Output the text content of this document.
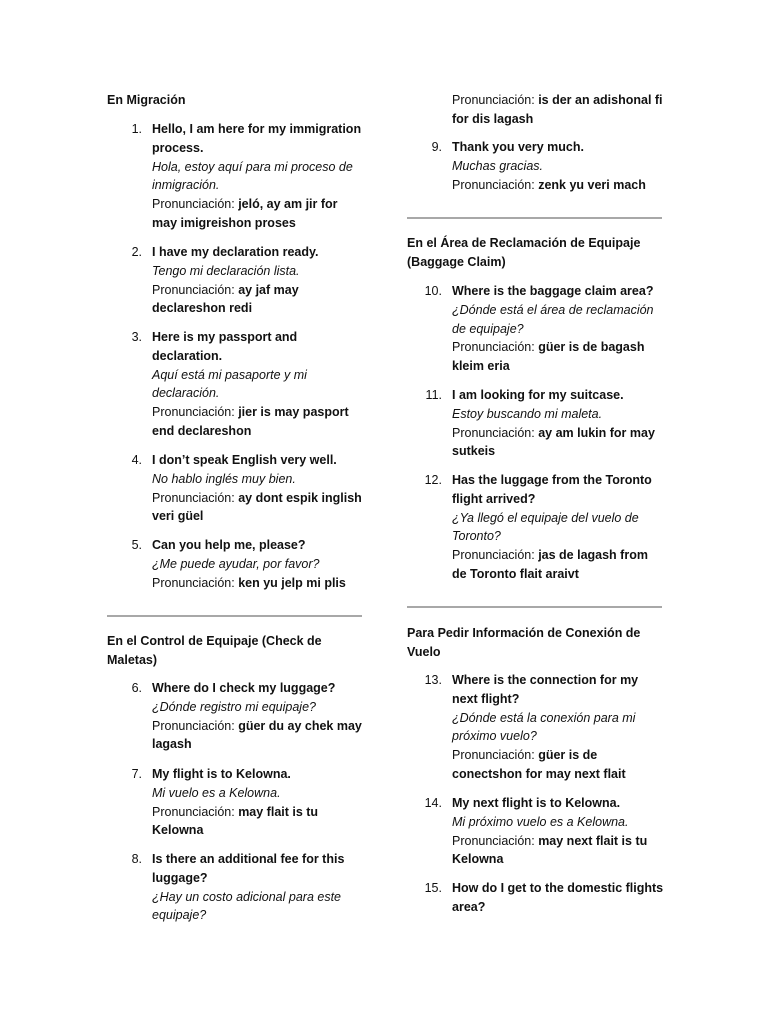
En Migración
1. Hello, I am here for my immigration process.
Hola, estoy aquí para mi proceso de inmigración.
Pronunciación: jeló, ay am jir for may imigreishon proses
2. I have my declaration ready.
Tengo mi declaración lista.
Pronunciación: ay jaf may declareshon redi
3. Here is my passport and declaration.
Aquí está mi pasaporte y mi declaración.
Pronunciación: jier is may pasport end declareshon
4. I don’t speak English very well.
No hablo inglés muy bien.
Pronunciación: ay dont espik inglish veri güel
5. Can you help me, please?
¿Me puede ayudar, por favor?
Pronunciación: ken yu jelp mi plis
En el Control de Equipaje (Check de Maletas)
6. Where do I check my luggage?
¿Dónde registro mi equipaje?
Pronunciación: güer du ay chek may lagash
7. My flight is to Kelowna.
Mi vuelo es a Kelowna.
Pronunciación: may flait is tu Kelowna
8. Is there an additional fee for this luggage?
¿Hay un costo adicional para este equipaje?
Pronunciación: is der an adishonal fi for dis lagash
9. Thank you very much.
Muchas gracias.
Pronunciación: zenk yu veri mach
En el Área de Reclamación de Equipaje (Baggage Claim)
10. Where is the baggage claim area?
¿Dónde está el área de reclamación de equipaje?
Pronunciación: güer is de bagash kleim eria
11. I am looking for my suitcase.
Estoy buscando mi maleta.
Pronunciación: ay am lukin for may sutkeis
12. Has the luggage from the Toronto flight arrived?
¿Ya llegó el equipaje del vuelo de Toronto?
Pronunciación: jas de lagash from de Toronto flait araivt
Para Pedir Información de Conexión de Vuelo
13. Where is the connection for my next flight?
¿Dónde está la conexión para mi próximo vuelo?
Pronunciación: güer is de conectshon for may next flait
14. My next flight is to Kelowna.
Mi próximo vuelo es a Kelowna.
Pronunciación: may next flait is tu Kelowna
15. How do I get to the domestic flights area?
